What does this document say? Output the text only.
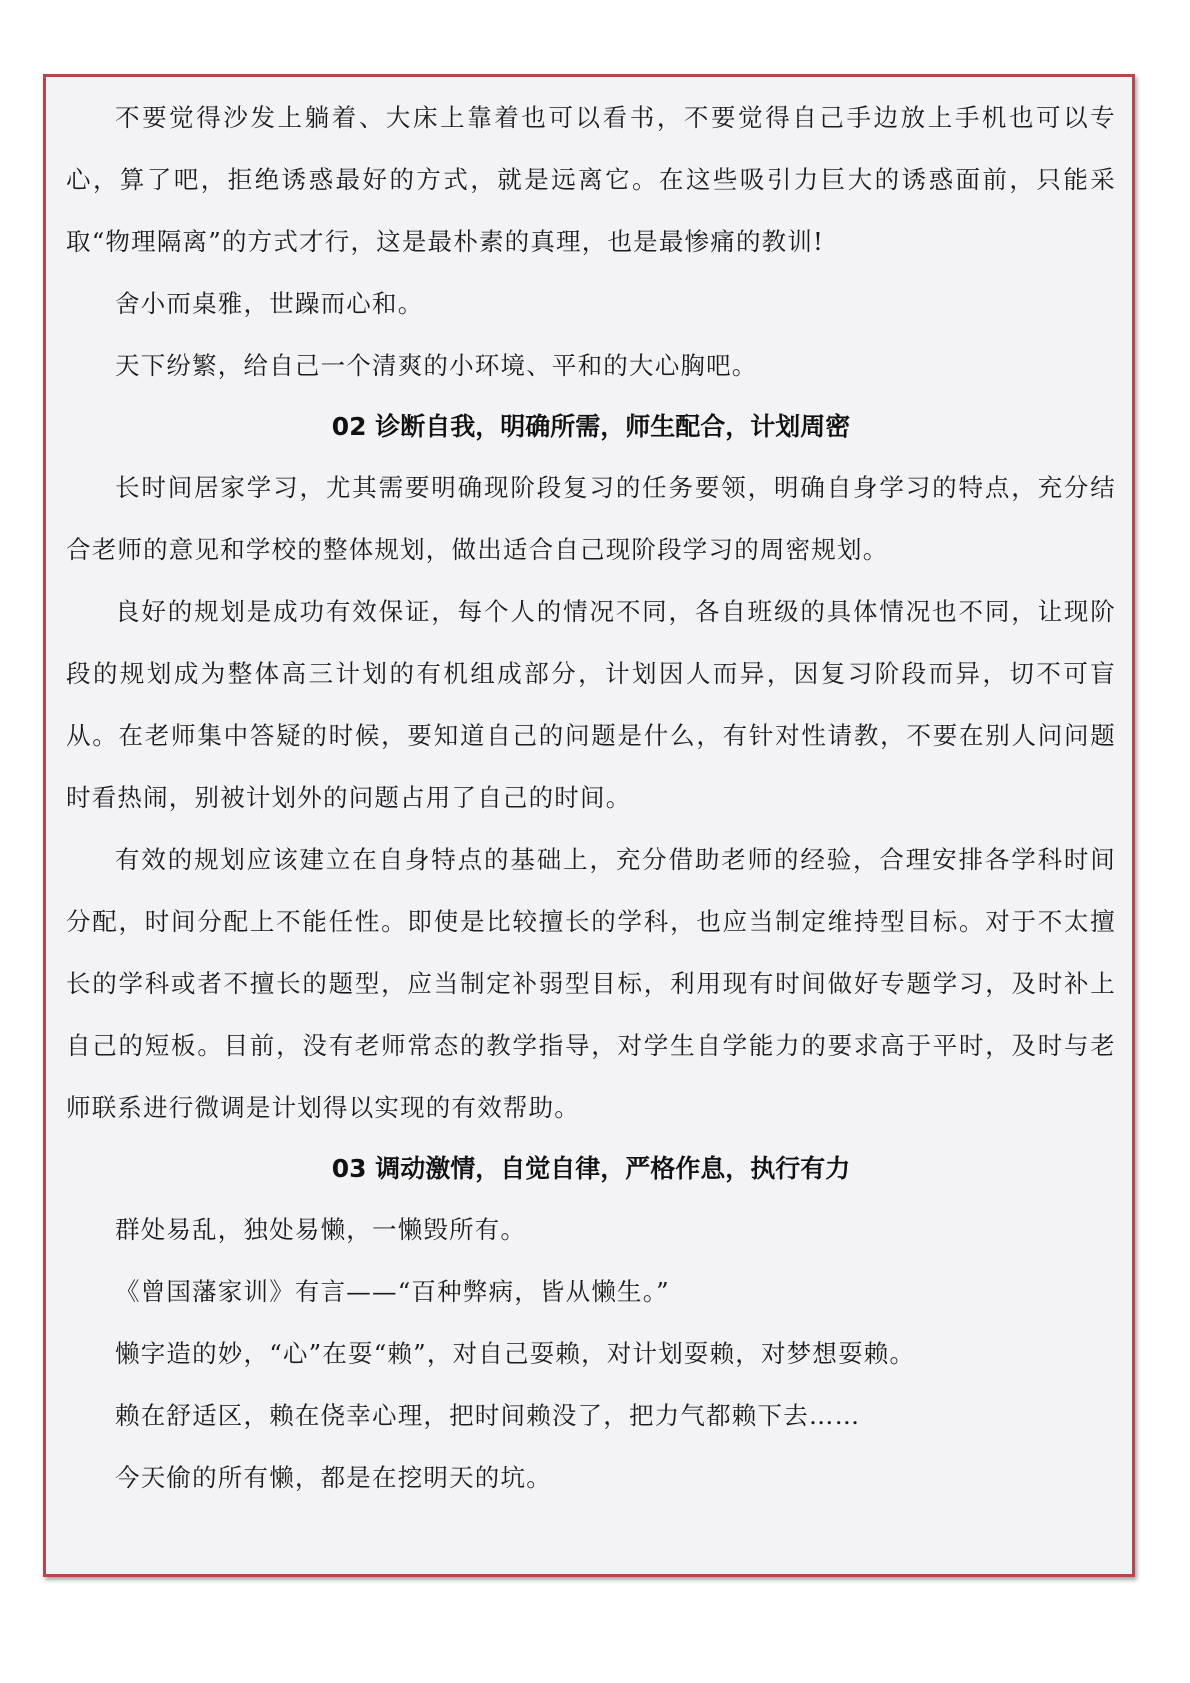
不要觉得沙发上躺着、大床上靠着也可以看书，不要觉得自己手边放上手机也可以专心，算了吧，拒绝诱惑最好的方式，就是远离它。在这些吸引力巨大的诱惑面前，只能采取“物理隔离”的方式才行，这是最朴素的真理，也是最惨痛的教训!

舍小而桌雅，世躁而心和。

天下纷繁，给自己一个清爽的小环境、平和的大心胸吧。

02 诊断自我，明确所需，师生配合，计划周密

长时间居家学习，尤其需要明确现阶段复习的任务要领，明确自身学习的特点，充分结合老师的意见和学校的整体规划，做出适合自己现阶段学习的周密规划。

良好的规划是成功有效保证，每个人的情况不同，各自班级的具体情况也不同，让现阶段的规划成为整体高三计划的有机组成部分，计划因人而异，因复习阶段而异，切不可盲从。在老师集中答疑的时候，要知道自己的问题是什么，有针对性请教，不要在别人问问题时看热闹，别被计划外的问题占用了自己的时间。

有效的规划应该建立在自身特点的基础上，充分借助老师的经验，合理安排各学科时间分配，时间分配上不能任性。即使是比较擅长的学科，也应当制定维持型目标。对于不太擅长的学科或者不擅长的题型，应当制定补弱型目标，利用现有时间做好专题学习，及时补上自己的短板。目前，没有老师常态的教学指导，对学生自学能力的要求高于平时，及时与老师联系进行微调是计划得以实现的有效帮助。

03 调动激情，自觉自律，严格作息，执行有力

群处易乱，独处易懒，一懒毁所有。

《曾国藩家训》有言——“百种弊病，皆从懒生。”

懒字造的妙，“心”在耍“赖”，对自己耍赖，对计划耍赖，对梦想耍赖。

赖在舒适区，赖在侥幸心理，把时间赖没了，把力气都赖下去……

今天偷的所有懒，都是在挖明天的坑。
